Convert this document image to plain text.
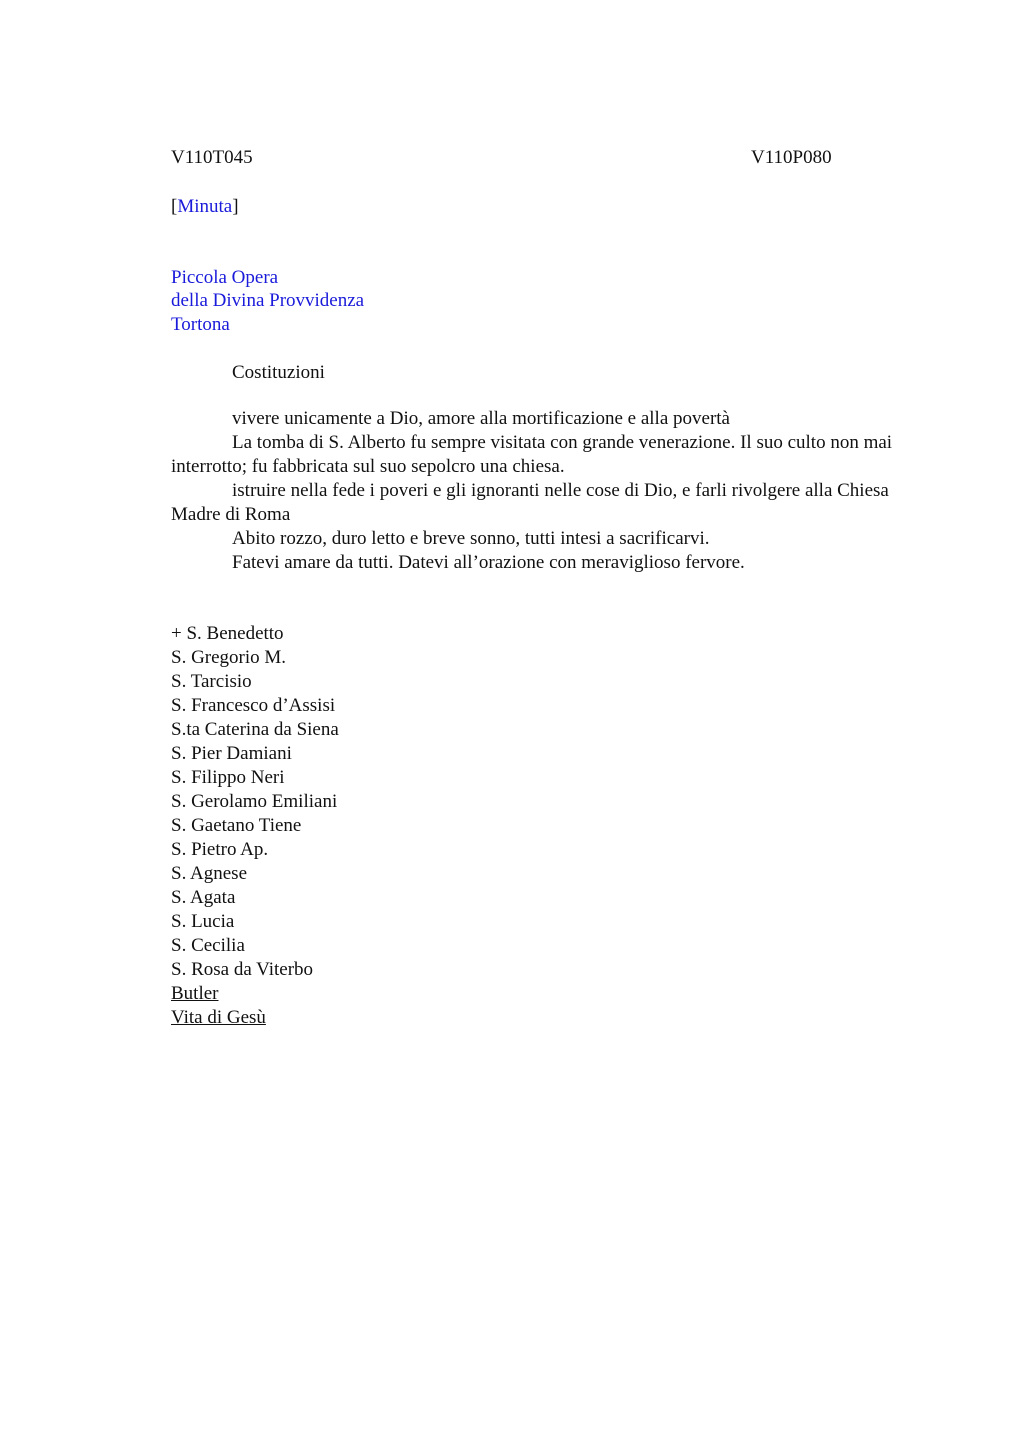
V110T045	V110P080
[Minuta]
Piccola Opera
della Divina Provvidenza
Tortona
Costituzioni

vivere unicamente a Dio, amore alla mortificazione e alla povertà

La tomba di S. Alberto fu sempre visitata con grande venerazione. Il suo culto non mai interrotto; fu fabbricata sul suo sepolcro una chiesa.

istruire nella fede i poveri e gli ignoranti nelle cose di Dio, e farli rivolgere alla Chiesa Madre di Roma

Abito rozzo, duro letto e breve sonno, tutti intesi a sacrificarvi.

Fatevi amare da tutti. Datevi all’orazione con meraviglioso fervore.

+ S. Benedetto

S. Gregorio M.

S. Tarcisio

S. Francesco d’Assisi

S.ta Caterina da Siena

S. Pier Damiani

S. Filippo Neri

S. Gerolamo Emiliani

S. Gaetano Tiene

S. Pietro Ap.

S. Agnese

S. Agata

S. Lucia

S. Cecilia

S. Rosa da Viterbo

Butler

Vita di Gesù
